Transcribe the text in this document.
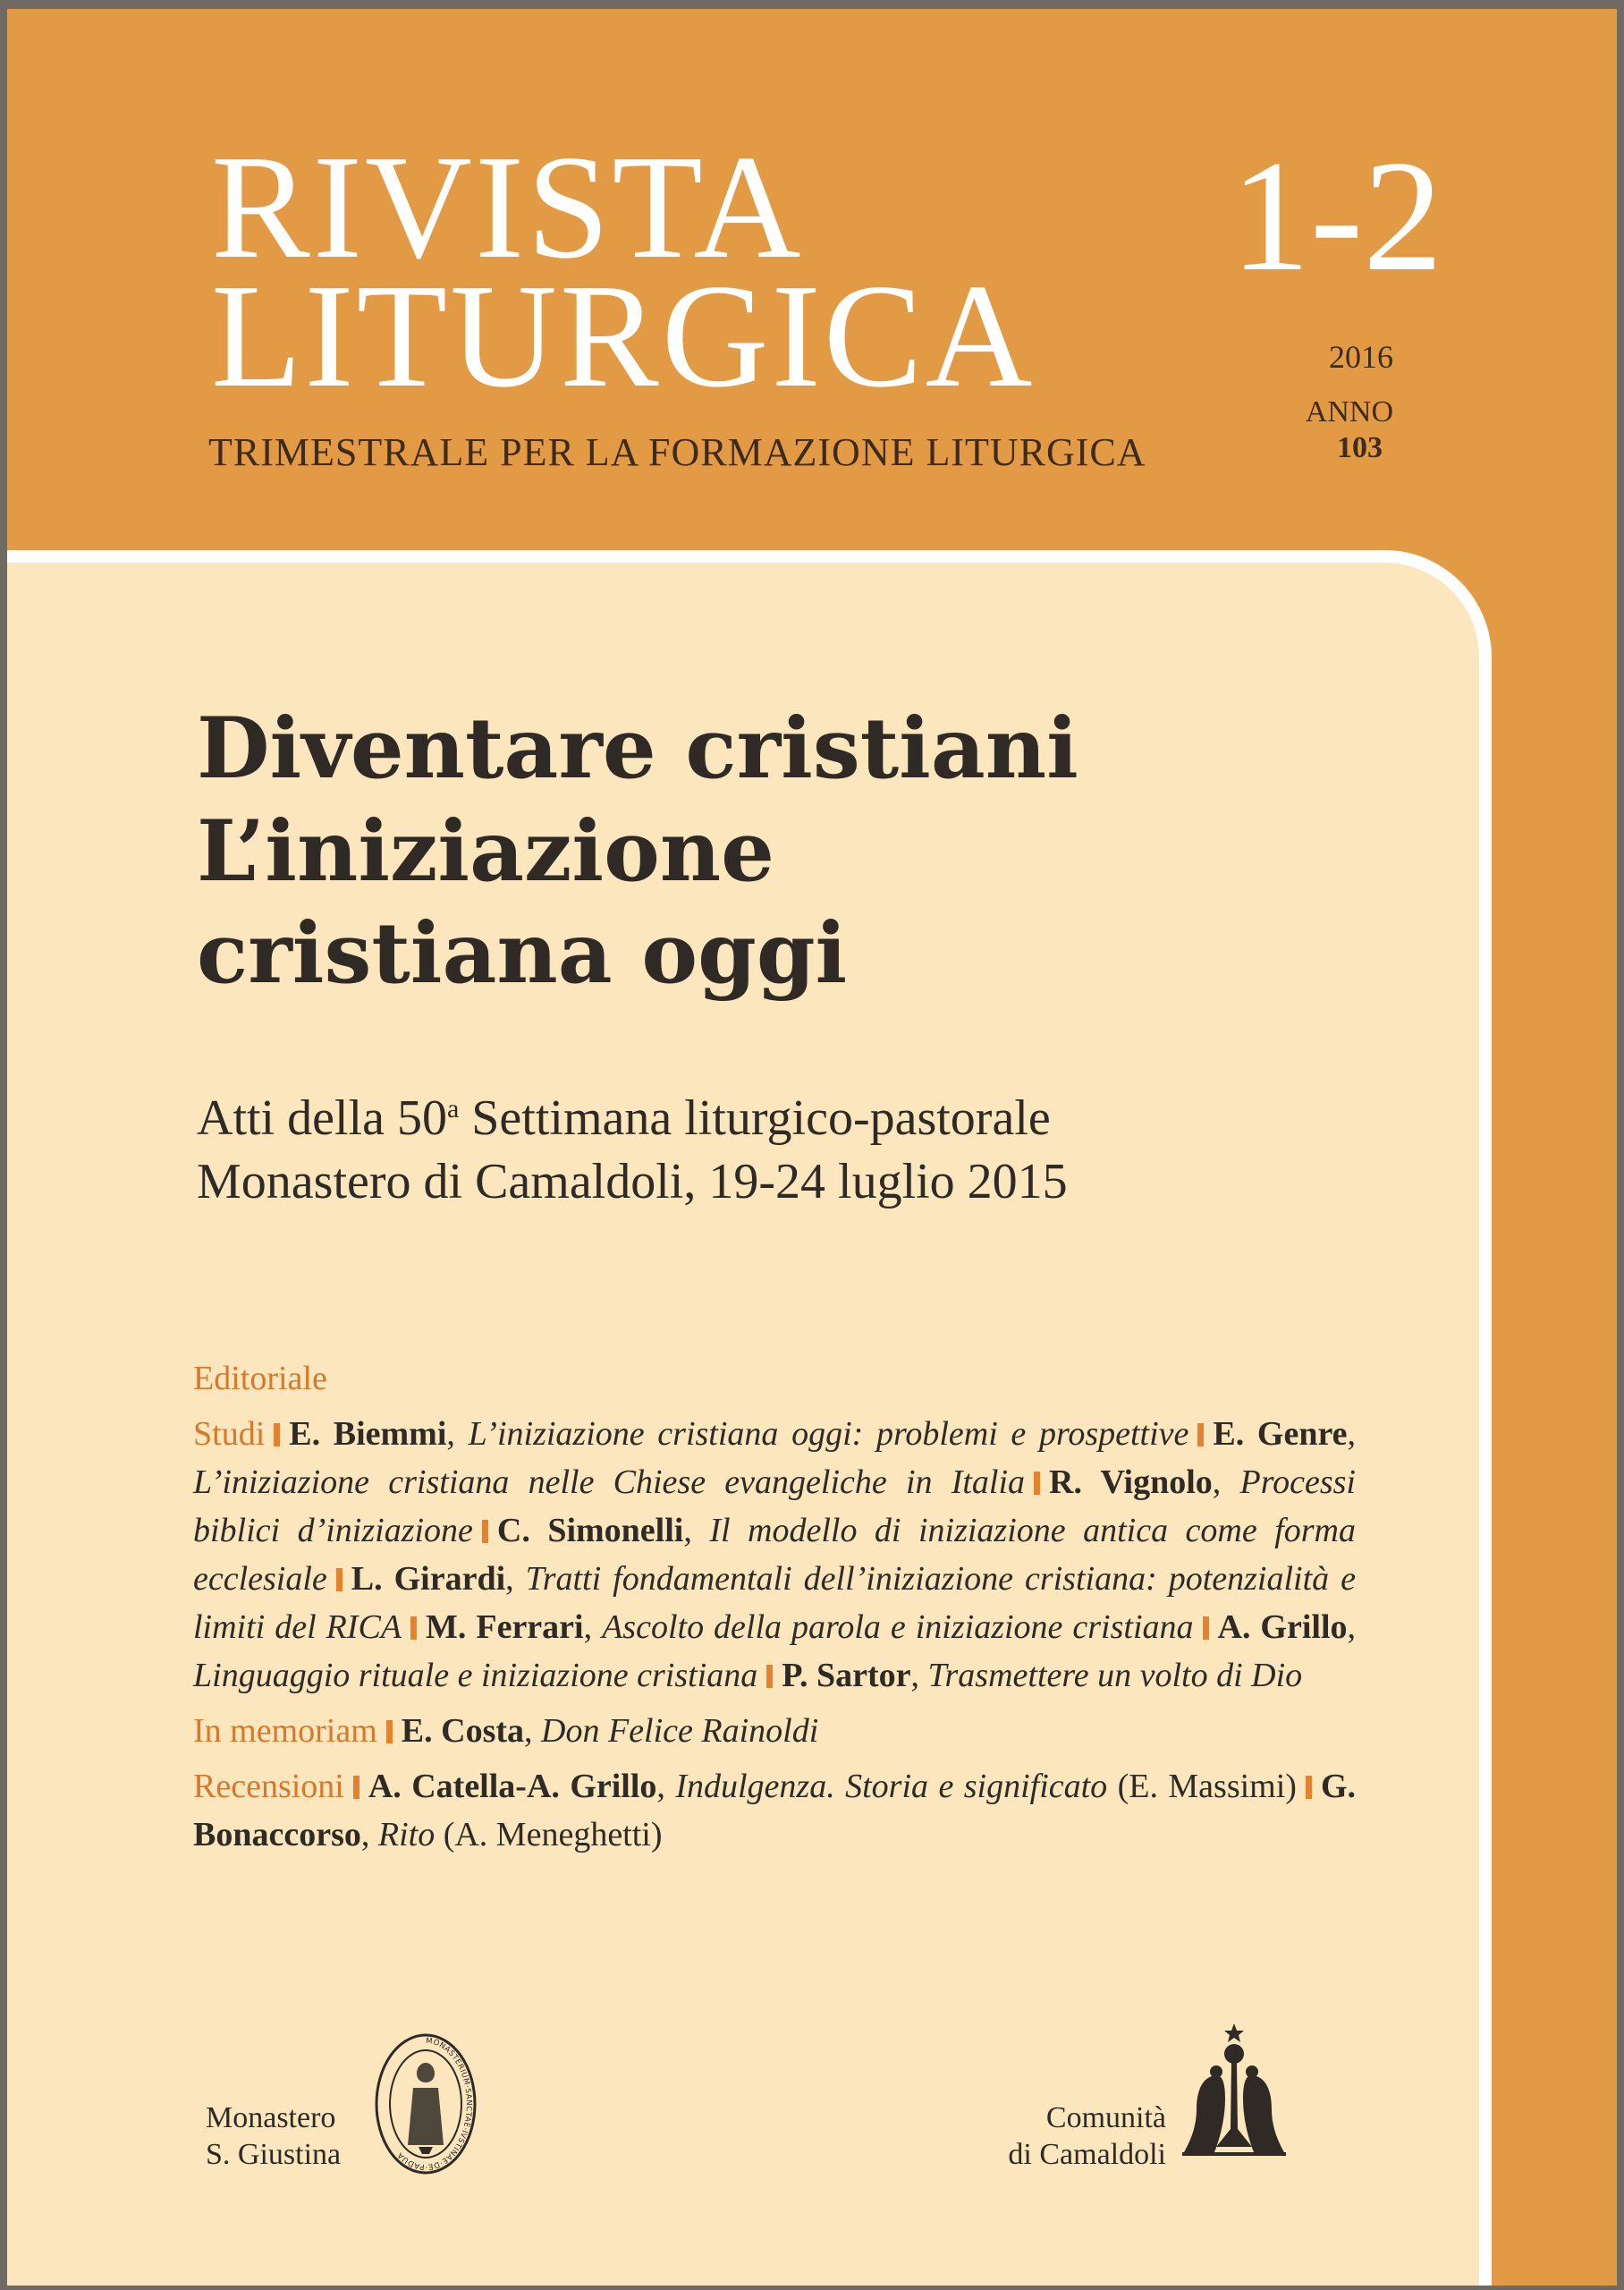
RIVISTA
LITURGICA
1-2
2016
ANNO
103
TRIMESTRALE PER LA FORMAZIONE LITURGICA
Diventare cristiani
L’iniziazione
cristiana oggi
Atti della 50$^a$ Settimana liturgico-pastorale
Monastero di Camaldoli, 19-24 luglio 2015

Editoriale

Studi E. Biemmi, L’iniziazione cristiana oggi: problemi e prospettive E. Genre, L’iniziazione cristiana nelle Chiese evangeliche in Italia R. Vignolo, Processi biblici d’iniziazione C. Simonelli, Il modello di iniziazione antica come forma ecclesiale L. Girardi, Tratti fondamentali dell’iniziazione cristiana: potenzialità e limiti del RICA M. Ferrari, Ascolto della parola e iniziazione cristiana A. Grillo, Linguaggio rituale e iniziazione cristiana P. Sartor, Trasmettere un volto di Dio

In memoriam E. Costa, Don Felice Rainoldi

Recensioni A. Catella-A. Grillo, Indulgenza. Storia e significato (E. Massimi) G. Bonaccorso, Rito (A. Meneghetti)

Monastero
S. Giustina
MONASTERIUM·SANCTAE·IVSTINAE·DE·PADUA
Comunità
di Camaldoli
